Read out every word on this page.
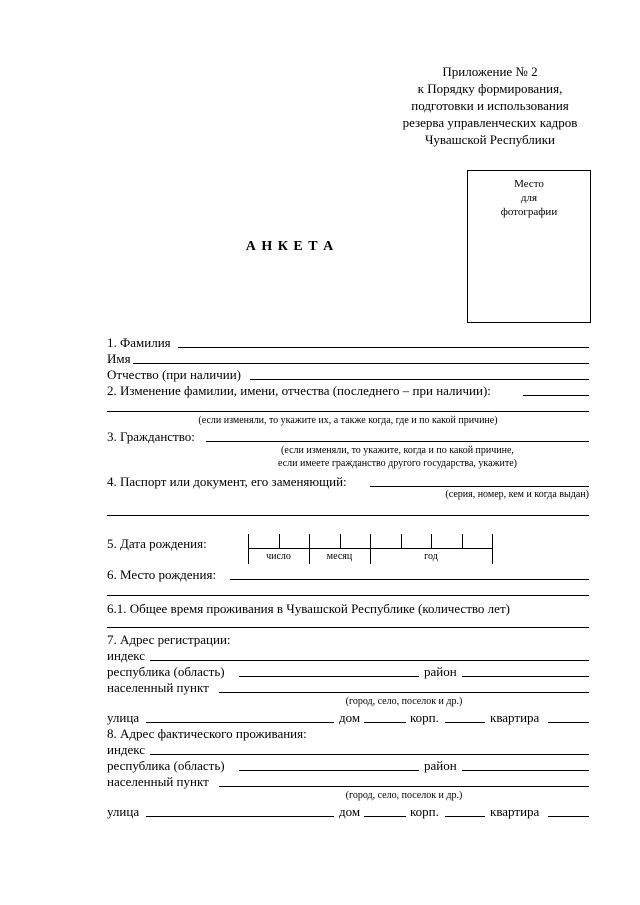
Приложение № 2
к Порядку формирования,
подготовки и использования
резерва управленческих кадров
Чувашской Республики
Место
для
фотографии
А Н К Е Т А
1. Фамилия
Имя
Отчество (при наличии)
2. Изменение фамилии, имени, отчества (последнего – при наличии):
(если изменяли, то укажите их, а также когда, где и по какой причине)
3. Гражданство:
(если изменяли, то укажите, когда и по какой причине,
если имеете гражданство другого государства, укажите)
4. Паспорт или документ, его заменяющий:
(серия, номер, кем и когда выдан)
5. Дата рождения:
число	месяц	год
6. Место рождения:
6.1. Общее время проживания в Чувашской Республике (количество лет)
7. Адрес регистрации:
индекс
республика (область)	район
населенный пункт
(город, село, поселок и др.)
улица	дом	корп.	квартира
8. Адрес фактического проживания:
индекс
республика (область)	район
населенный пункт
(город, село, поселок и др.)
улица	дом	корп.	квартира
